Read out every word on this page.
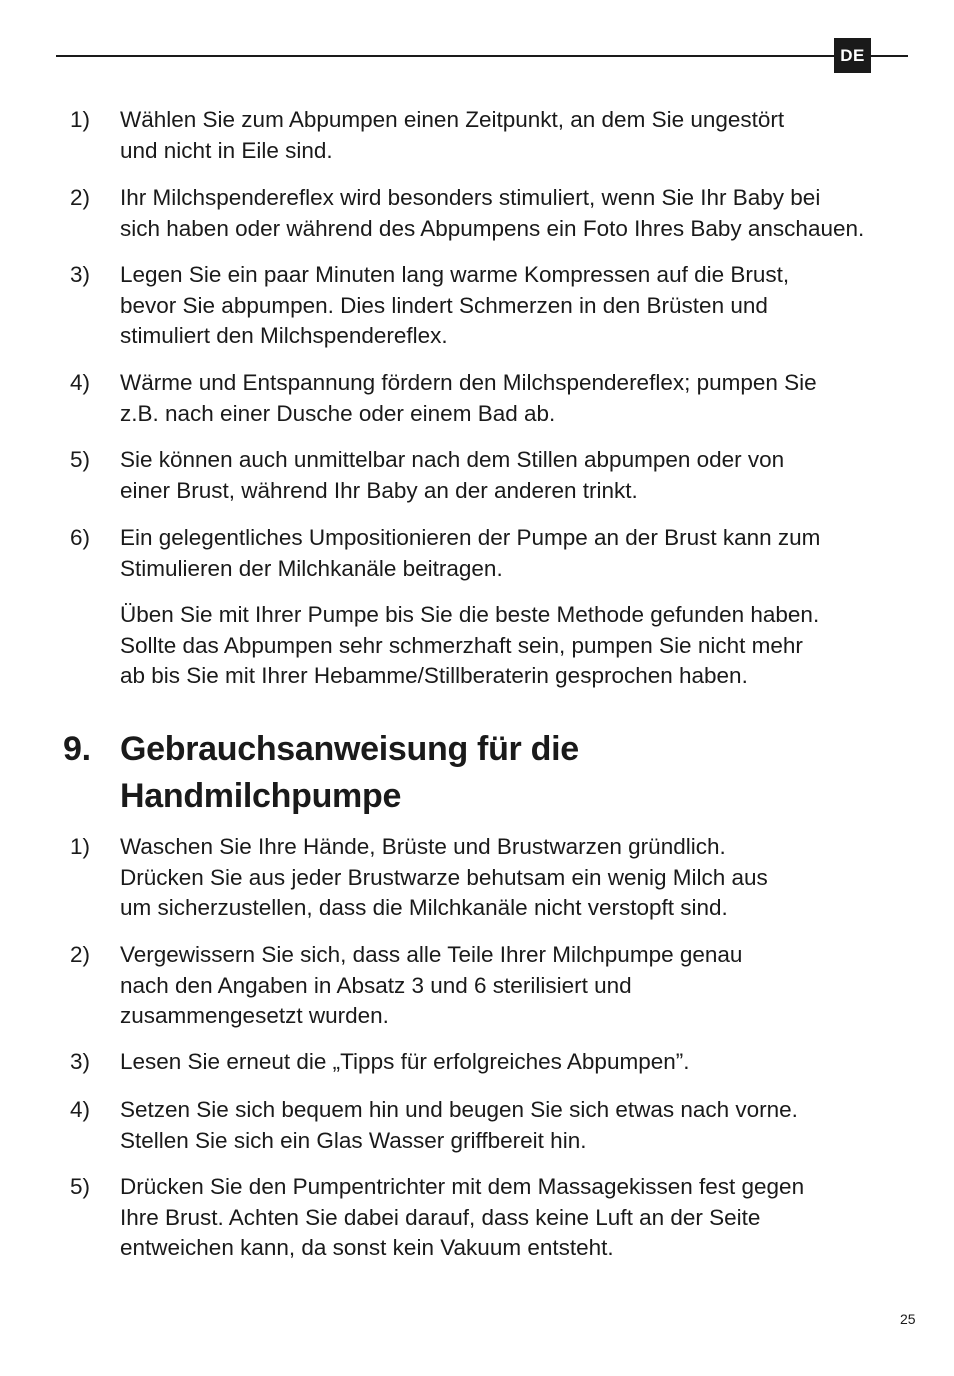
DE
1) Wählen Sie zum Abpumpen einen Zeitpunkt, an dem Sie ungestört
und nicht in Eile sind.
2) Ihr Milchspendereflex wird besonders stimuliert, wenn Sie Ihr Baby bei
sich haben oder während des Abpumpens ein Foto Ihres Baby anschauen.
3) Legen Sie ein paar Minuten lang warme Kompressen auf die Brust,
bevor Sie abpumpen. Dies lindert Schmerzen in den Brüsten und
stimuliert den Milchspendereflex.
4) Wärme und Entspannung fördern den Milchspendereflex; pumpen Sie
z.B. nach einer Dusche oder einem Bad ab.
5) Sie können auch unmittelbar nach dem Stillen abpumpen oder von
einer Brust, während Ihr Baby an der anderen trinkt.
6) Ein gelegentliches Umpositionieren der Pumpe an der Brust kann zum
Stimulieren der Milchkanäle beitragen.
Üben Sie mit Ihrer Pumpe bis Sie die beste Methode gefunden haben.
Sollte das Abpumpen sehr schmerzhaft sein, pumpen Sie nicht mehr
ab bis Sie mit Ihrer Hebamme/Stillberaterin gesprochen haben.
9. Gebrauchsanweisung für die
Handmilchpumpe
1) Waschen Sie Ihre Hände, Brüste und Brustwarzen gründlich.
Drücken Sie aus jeder Brustwarze behutsam ein wenig Milch aus
um sicherzustellen, dass die Milchkanäle nicht verstopft sind.
2) Vergewissern Sie sich, dass alle Teile Ihrer Milchpumpe genau
nach den Angaben in Absatz 3 und 6 sterilisiert und
zusammengesetzt wurden.
3) Lesen Sie erneut die „Tipps für erfolgreiches Abpumpen”.
4) Setzen Sie sich bequem hin und beugen Sie sich etwas nach vorne.
Stellen Sie sich ein Glas Wasser griffbereit hin.
5) Drücken Sie den Pumpentrichter mit dem Massagekissen fest gegen
Ihre Brust. Achten Sie dabei darauf, dass keine Luft an der Seite
entweichen kann, da sonst kein Vakuum entsteht.
25
